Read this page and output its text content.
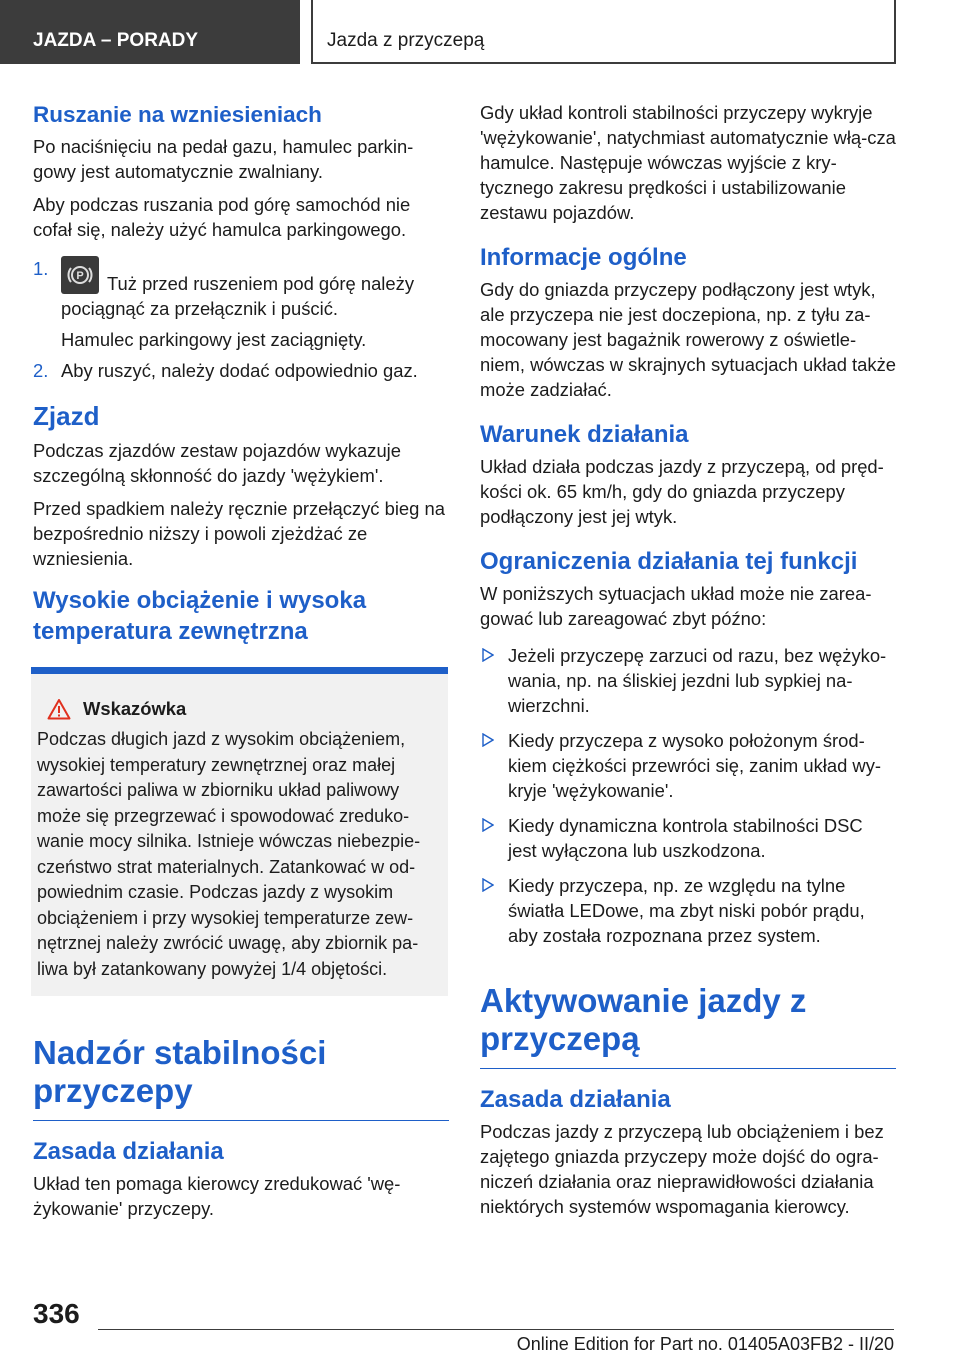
JAZDA – PORADY	Jazda z przyczepą
Ruszanie na wzniesieniach

Po naciśnięciu na pedał gazu, hamulec parkin-gowy jest automatycznie zwalniany.

Aby podczas ruszania pod górę samochód nie cofał się, należy użyć hamulca parkingowego.

1.	P Tuż przed ruszeniem pod górę należy pociągnąć za przełącznik i puścić.

Hamulec parkingowy jest zaciągnięty.

2. Aby ruszyć, należy dodać odpowiednio gaz.

Zjazd

Podczas zjazdów zestaw pojazdów wykazuje szczególną skłonność do jazdy 'wężykiem'.

Przed spadkiem należy ręcznie przełączyć bieg na bezpośrednio niższy i powoli zjeżdżać ze wzniesienia.

Wysokie obciążenie i wysoka temperatura zewnętrzna
Wskazówka

Podczas długich jazd z wysokim obciążeniem, wysokiej temperatury zewnętrznej oraz małej zawartości paliwa w zbiorniku układ paliwowy może się przegrzewać i spowodować zreduko-wanie mocy silnika. Istnieje wówczas niebezpie-czeństwo strat materialnych. Zatankować w od-powiednim czasie. Podczas jazdy z wysokim obciążeniem i przy wysokiej temperaturze zew-nętrznej należy zwrócić uwagę, aby zbiornik pa-liwa był zatankowany powyżej 1/4 objętości.

Nadzór stabilności przyczepy
Zasada działania

Układ ten pomaga kierowcy zredukować 'wę-żykowanie' przyczepy.

Gdy układ kontroli stabilności przyczepy wykryje 'wężykowanie', natychmiast automatycznie włą-cza hamulce. Następuje wówczas wyjście z kry-tycznego zakresu prędkości i ustabilizowanie zestawu pojazdów.

Informacje ogólne

Gdy do gniazda przyczepy podłączony jest wtyk, ale przyczepa nie jest doczepiona, np. z tyłu za-mocowany jest bagażnik rowerowy z oświetle-niem, wówczas w skrajnych sytuacjach układ także może zadziałać.

Warunek działania

Układ działa podczas jazdy z przyczepą, od pręd-kości ok. 65 km/h, gdy do gniazda przyczepy podłączony jest jej wtyk.

Ograniczenia działania tej funkcji

W poniższych sytuacjach układ może nie zarea-gować lub zareagować zbyt późno:

Jeżeli przyczepę zarzuci od razu, bez wężyko-wania, np. na śliskiej jezdni lub sypkiej na-wierzchni.

Kiedy przyczepa z wysoko położonym środ-kiem ciężkości przewróci się, zanim układ wy-kryje 'wężykowanie'.

Kiedy dynamiczna kontrola stabilności DSC jest wyłączona lub uszkodzona.

Kiedy przyczepa, np. ze względu na tylne światła LEDowe, ma zbyt niski pobór prądu, aby została rozpoznana przez system.

Aktywowanie jazdy z przyczepą
Zasada działania

Podczas jazdy z przyczepą lub obciążeniem i bez zajętego gniazda przyczepy może dojść do ogra-niczeń działania oraz nieprawidłowości działania niektórych systemów wspomagania kierowcy.

336
Online Edition for Part no. 01405A03FB2 - II/20
